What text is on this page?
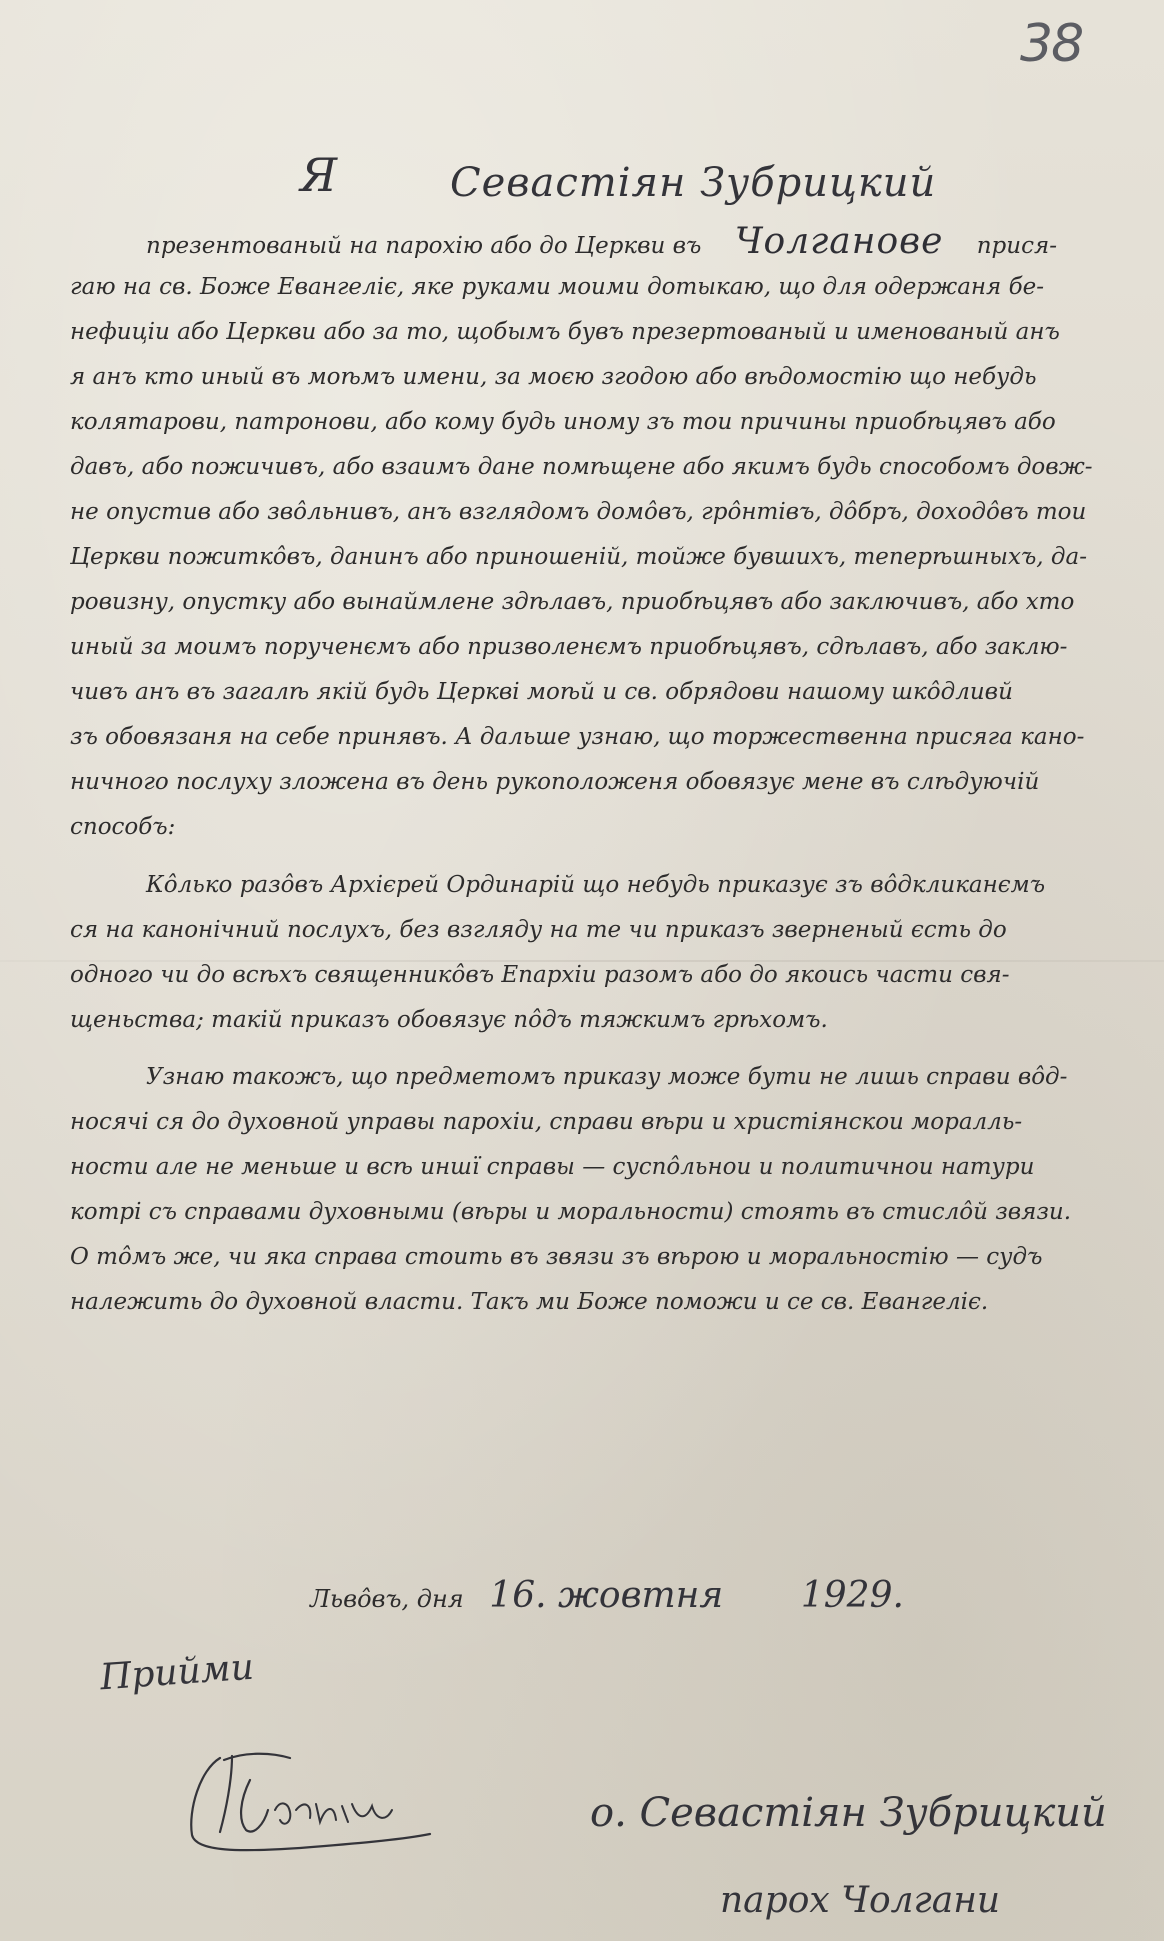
38
Я	Севастіян Зубрицкий
презентованый на парохію або до Церкви въ Чолганове прися-
гаю на св. Боже Евангеліє, яке руками моими дотыкаю, що для одержаня бе-
нефиціи або Церкви або за то, щобымъ бувъ презертованый и именованый анъ
я анъ кто иный въ моѣмъ имени, за моєю згодою або вѣдомостію що небудь
колятарови, патронови, або кому будь иному зъ тои причины приобѣцявъ або
давъ, або пожичивъ, або взаимъ дане помѣщене або якимъ будь способомъ довж-
не опустив або звôльнивъ, анъ взглядомъ домôвъ, грôнтівъ, дôбръ, доходôвъ тои
Церкви пожиткôвъ, данинъ або приношеній, тойже бувшихъ, теперѣшныхъ, да-
ровизну, опустку або вынаймлене здѣлавъ, приобѣцявъ або заключивъ, або хто
иный за моимъ порученємъ або призволенємъ приобѣцявъ, сдѣлавъ, або заклю-
чивъ анъ въ загалѣ якій будь Церкві моѣй и св. обрядови нашому шкôдливй
зъ обовязаня на себе принявъ. А дальше узнаю, що торжественна присяга кано-
ничного послуху зложена въ день рукоположеня обовязує мене въ слѣдуючій
способъ:
Кôлько разôвъ Архієрей Ординарій що небудь приказує зъ вôдкликанємъ
ся на канонічний послухъ, без взгляду на те чи приказъ зверненый єсть до
одного чи до всѣхъ священникôвъ Епархіи разомъ або до якоись части свя-
щеньства; такій приказъ обовязує пôдъ тяжкимъ грѣхомъ.
Узнаю такожъ, що предметомъ приказу може бути не лишь справи вôд-
носячі ся до духовной управы парохіи, справи вѣри и христіянскои моралль-
ности але не меньше и всѣ иншї справы — суспôльнои и политичнои натури
котрі съ справами духовными (вѣры и моральности) стоять въ стислôй звязи.
О тôмъ же, чи яка справа стоить въ звязи зъ вѣрою и моральностію — судъ
належить до духовной власти. Такъ ми Боже поможи и се св. Евангеліє.
Львôвъ, дня 16. жовтня 1929.
Прийми
о. Севастіян Зубрицкий
парох Чолгани
